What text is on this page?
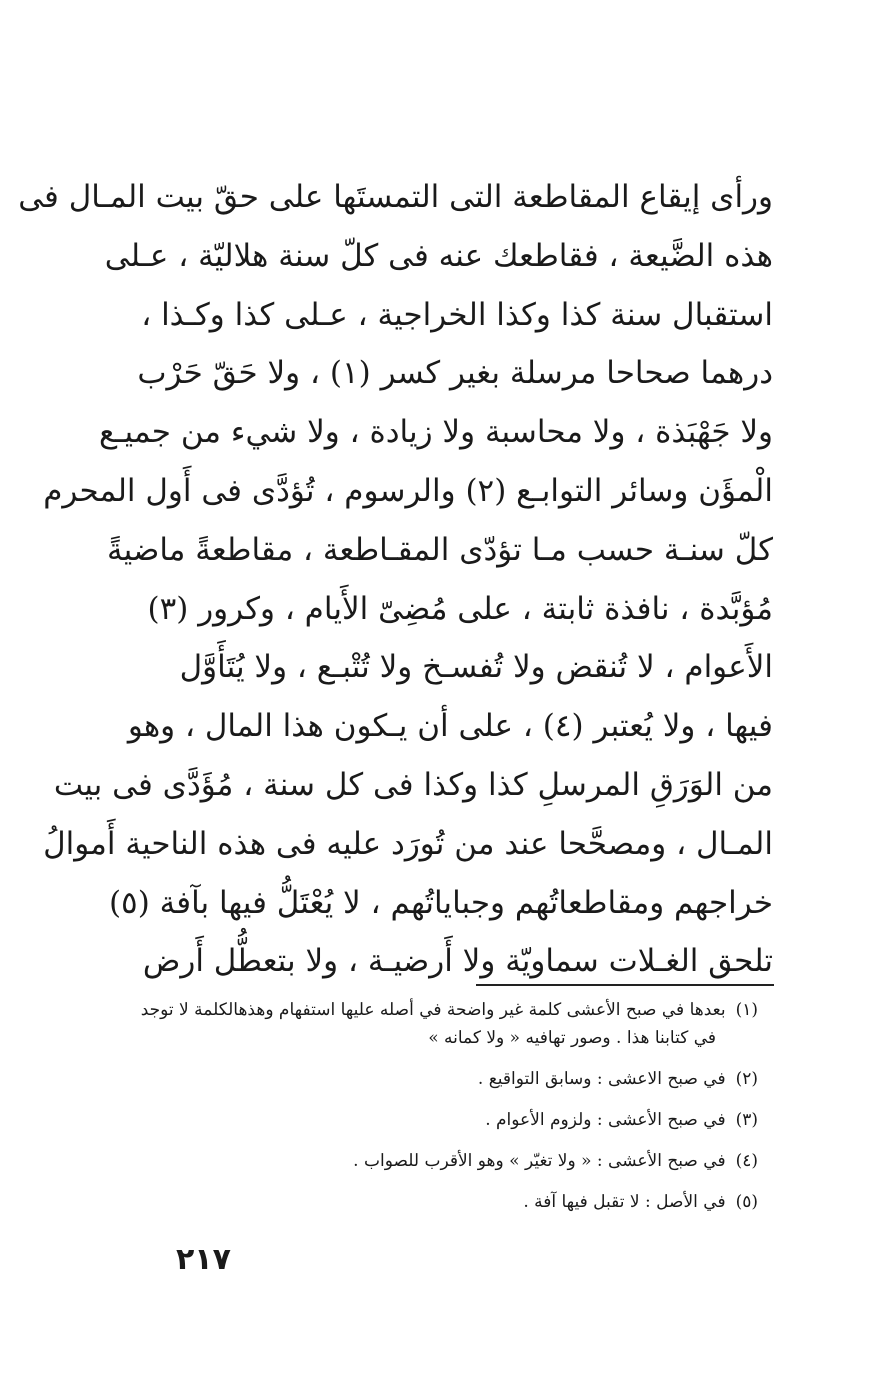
ورأى إيقاع المقاطعة التى التمستَها على حقّ بيت المـال فى
هذه الضَّيعة ، فقاطعك عنه فى كلّ سنة هلاليّة ، عـلى
استقبال سنة كذا وكذا الخراجية ، عـلى كذا وكـذا ،
درهما صحاحا مرسلة بغير كسر (١) ، ولا حَقّ حَرْب
ولا جَهْبَذة ، ولا محاسبة ولا زيادة ، ولا شيء من جميـع
الْمؤَن وسائر التوابـع (٢) والرسوم ، تُؤدَّى فى أَول المحرم
كلّ سنـة حسب مـا تؤدّى المقـاطعة ، مقاطعةً ماضيةً
مُؤبَّدة ، نافذة ثابتة ، على مُضِىّ الأَيام ، وكرور (٣)
الأَعوام ، لا تُنقض ولا تُفسـخ ولا تُتْبـع ، ولا يُتَأَوَّل
فيها ، ولا يُعتبر (٤) ، على أن يـكون هذا المال ، وهو
من الوَرَقِ المرسلِ كذا وكذا فى كل سنة ، مُؤَدَّى فى بيت
المـال ، ومصحَّحا عند من تُورَد عليه فى هذه الناحية أَموالُ
خراجهم ومقاطعاتُهم وجباياتُهم ، لا يُعْتَلُّ فيها بآفة (٥)
تلحق الغـلات سماويّة ولا أَرضيـة ، ولا بتعطُّل أَرض
(١)بعدها في صبح الأعشى كلمة غير واضحة في أصله عليها استفهام وهذهالكلمة لا توجد
في كتابنا هذا . وصور تهافيه « ولا كمانه »
(٢)في صبح الاعشى : وسابق التواقيع .
(٣)في صبح الأعشى : ولزوم الأعوام .
(٤)في صبح الأعشى : « ولا تغيّر » وهو الأقرب للصواب .
(٥)في الأصل : لا تقبل فيها آفة .
٢١٧
